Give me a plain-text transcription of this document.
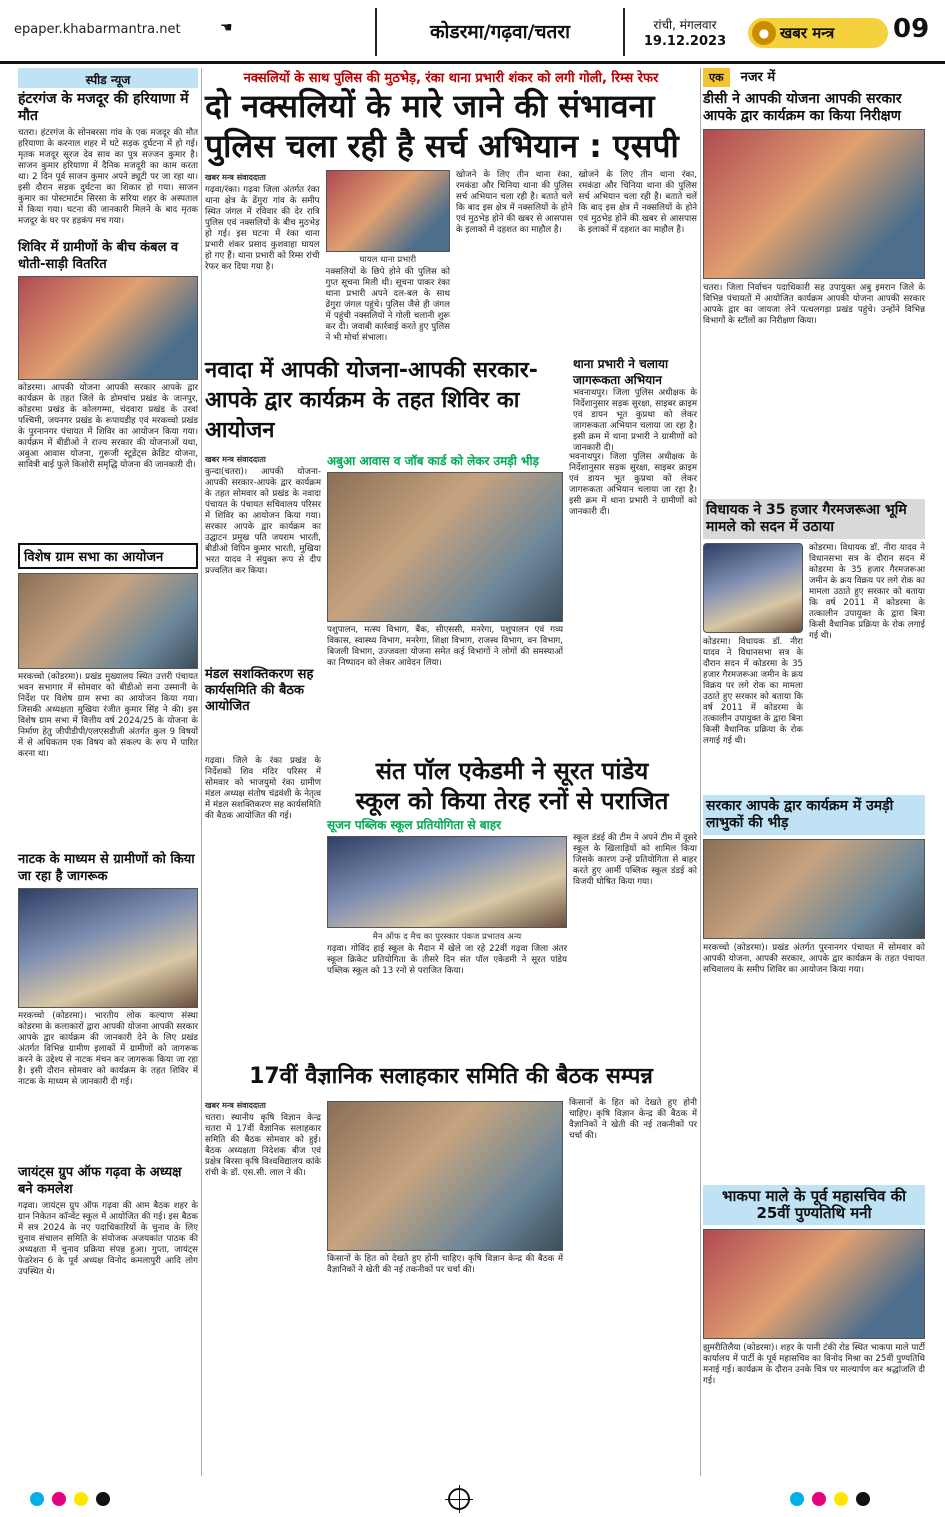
epaper.khabarmantra.net	☚	कोडरमा/गढ़वा/चतरा	रांची, मंगलवार
19.12.2023
● खबर मन्त्र	09
स्पीड न्यूज
हंटरगंज के मजदूर की हरियाणा में मौत
चतरा। हंटरगंज के सोनबरसा गांव के एक मजदूर की मौत हरियाणा के करनाल शहर में घटे सड़क दुर्घटना में हो गई। मृतक मजदूर सूरज देव साव का पुत्र सज्जन कुमार है। साजन कुमार हरियाणा में दैनिक मजदूरी का काम करता था। 2 दिन पूर्व साजन कुमार अपने ड्यूटी पर जा रहा था। इसी दौरान सड़क दुर्घटना का शिकार हो गया। साजन कुमार का पोस्टमार्टम सिरसा के सरिया शहर के अस्पताल में किया गया। घटना की जानकारी मिलने के बाद मृतक मजदूर के घर पर हड़कंप मच गया।
शिविर में ग्रामीणों के बीच कंबल व धोती-साड़ी वितरित
कोडरमा। आपकी योजना आपकी सरकार आपके द्वार कार्यक्रम के तहत जिले के डोमचांच प्रखंड के जानपुर, कोडरमा प्रखंड के कोलगम्मा, चंदवारा प्रखंड के उरवां पश्चिमी, जयनगर प्रखंड के रूपायडीह एवं मरकच्चो प्रखंड के पुरनानगर पंचायत में शिविर का आयोजन किया गया। कार्यक्रम में बीडीओ ने राज्य सरकार की योजनाओं यथा, अबुआ आवास योजना, गुरूजी स्टूडेंट्स क्रेडिट योजना, सावित्री बाई फुले किशोरी समृद्धि योजना की जानकारी दी।
विशेष ग्राम सभा का आयोजन
मरकच्चो (कोडरमा)। प्रखंड मुख्यालय स्थित उत्तरी पंचायत भवन सभागार में सोमवार को बीडीओ सना उस्मानी के निर्देश पर विशेष ग्राम सभा का आयोजन किया गया। जिसकी अध्यक्षता मुखिया रंजीत कुमार सिंह ने की। इस विशेष ग्राम सभा में वित्तीय वर्ष 2024/25 के योजना के निर्माण हेतु जीपीडीपी/एलएसडीजी अंतर्गत कुल 9 विषयों में से अधिकतम एक विषय को संकल्प के रूप में पारित करना था।
नाटक के माध्यम से ग्रामीणों को किया जा रहा है जागरूक
मरकच्चो (कोडरमा)। भारतीय लोक कल्याण संस्था कोडरमा के कलाकारों द्वारा आपकी योजना आपकी सरकार आपके द्वार कार्यक्रम की जानकारी देने के लिए प्रखंड अंतर्गत विभिन्न ग्रामीण इलाकों में ग्रामीणों को जागरूक करने के उद्देश्य से नाटक मंचन कर जागरूक किया जा रहा है। इसी दौरान सोमवार को कार्यक्रम के तहत शिविर में नाटक के माध्यम से जानकारी दी गई।
जायंट्स ग्रुप ऑफ गढ़वा के अध्यक्ष बने कमलेश
गढ़वा। जायंट्स ग्रुप ऑफ गढ़वा की आम बैठक शहर के ग्रान निकेतन कॉन्वेंट स्कूल में आयोजित की गई। इस बैठक में सत्र 2024 के नए पदाधिकारियों के चुनाव के लिए चुनाव संचालन समिति के संयोजक अजयकांत पाठक की अध्यक्षता में चुनाव प्रक्रिया संपन्न हुआ। गुप्ता, जायंट्स फेडरेशन 6 के पूर्व अध्यक्ष विनोद कमलापुरी आदि लोग उपस्थित थे।
नक्सलियों के साथ पुलिस की मुठभेड़, रंका थाना प्रभारी शंकर को लगी गोली, रिम्स रेफर
दो नक्सलियों के मारे जाने की संभावना
पुलिस चला रही है सर्च अभियान : एसपी
खबर मन्त्र संवाददाता
गढ़वा/रंका। गढ़वा जिला अंतर्गत रंका थाना क्षेत्र के ढेंगुरा गांव के समीप स्थित जंगल में रविवार की देर रात्रि पुलिस एवं नक्सलियों के बीच मुठभेड़ हो गई। इस घटना में रंका थाना प्रभारी शंकर प्रसाद कुशवाहा घायल हो गए हैं। थाना प्रभारी को रिम्स रांची रेफर कर दिया गया है।
घायल थाना प्रभारी
नक्सलियों के छिपे होने की पुलिस को गुप्त सूचना मिली थी। सूचना पाकर रंका थाना प्रभारी अपने दल-बल के साथ ढेंगुरा जंगल पहुंचे। पुलिस जैसे ही जंगल में पहुंची नक्सलियों ने गोली चलानी शुरू कर दी। जवाबी कार्रवाई करते हुए पुलिस ने भी मोर्चा संभाला।
खोजने के लिए तीन थाना रंका, रमकंडा और चिनिया थाना की पुलिस सर्च अभियान चला रही है। बताते चलें कि बाद इस क्षेत्र में नक्सलियों के होने एवं मुठभेड़ होने की खबर से आसपास के इलाकों में दहशत का माहौल है।
खोजने के लिए तीन थाना रंका, रमकंडा और चिनिया थाना की पुलिस सर्च अभियान चला रही है। बताते चलें कि बाद इस क्षेत्र में नक्सलियों के होने एवं मुठभेड़ होने की खबर से आसपास के इलाकों में दहशत का माहौल है।
नवादा में आपकी योजना-आपकी सरकार-
आपके द्वार कार्यक्रम के तहत शिविर का आयोजन
थाना प्रभारी ने चलाया जागरूकता अभियान
भवनाथपुर। जिला पुलिस अधीक्षक के निर्देशानुसार सड़क सुरक्षा, साइबर क्राइम एवं डायन भूत कुप्रथा को लेकर जागरूकता अभियान चलाया जा रहा है। इसी क्रम में थाना प्रभारी ने ग्रामीणों को जानकारी दी।
खबर मन्त्र संवाददाता
कुन्दा(चतरा)। आपकी योजना-आपकी सरकार-आपके द्वार कार्यक्रम के तहत सोमवार को प्रखंड के नवादा पंचायत के पंचायत सचिवालय परिसर में शिविर का आयोजन किया गया। सरकार आपके द्वार कार्यक्रम का उद्घाटन प्रमुख पति जयराम भारती, बीडीओ विपिन कुमार भारती, मुखिया भरत यादव ने संयुक्त रूप से दीप प्रज्वलित कर किया।
मंडल सशक्तिकरण सह कार्यसमिति की बैठक आयोजित
अबुआ आवास व जॉब कार्ड को लेकर उमड़ी भीड़
पशुपालन, मत्स्य विभाग, बैंक, सीएससी, मनरेगा, पशुपालन एवं गव्य विकास, स्वास्थ्य विभाग, मनरेगा, शिक्षा विभाग, राजस्व विभाग, वन विभाग, बिजली विभाग, उज्जवला योजना समेत कई विभागों ने लोगों की समस्याओं का निष्पादन को लेकर आवेदन लिया।
भवनाथपुर। जिला पुलिस अधीक्षक के निर्देशानुसार सड़क सुरक्षा, साइबर क्राइम एवं डायन भूत कुप्रथा को लेकर जागरूकता अभियान चलाया जा रहा है। इसी क्रम में थाना प्रभारी ने ग्रामीणों को जानकारी दी।
गढ़वा। जिले के रंका प्रखंड के निर्देशकों शिव मंदिर परिसर में सोमवार को भाजयुमो रंका ग्रामीण मंडल अध्यक्ष संतोष चंद्रवंशी के नेतृत्व में मंडल सशक्तिकरण सह कार्यसमिति की बैठक आयोजित की गई।
संत पॉल एकेडमी ने सूरत पांडेय
स्कूल को किया तेरह रनों से पराजित
सूजन पब्लिक स्कूल प्रतियोगिता से बाहर
मैन ऑफ द मैच का पुरस्कार पंकज प्रभातव अन्य
गढ़वा। गोविंद हाई स्कूल के मैदान में खेले जा रहे 22वीं गढ़वा जिला अंतर स्कूल क्रिकेट प्रतियोगिता के तीसरे दिन संत पॉल एकेडमी ने सूरत पांडेय पब्लिक स्कूल को 13 रनों से पराजित किया।
स्कूल डंडई की टीम ने अपने टीम में दूसरे स्कूल के खिलाड़ियों को शामिल किया जिसके कारण उन्हें प्रतियोगिता से बाहर करते हुए आर्मी पब्लिक स्कूल डंडई को विजयी घोषित किया गया।
17वीं वैज्ञानिक सलाहकार समिति की बैठक सम्पन्न
खबर मन्त्र संवाददाता
चतरा। स्थानीय कृषि विज्ञान केन्द्र चतरा में 17वीं वैज्ञानिक सलाहकार समिति की बैठक सोमवार को हुई। बैठक अध्यक्षता निदेशक बीज एवं प्रक्षेत्र बिरसा कृषि विश्वविद्यालय कांके रांची के डॉ. एस.सी. लाल ने की।
किसानों के हित को देखते हुए होनी चाहिए। कृषि विज्ञान केन्द्र की बैठक में वैज्ञानिकों ने खेती की नई तकनीकों पर चर्चा की।
किसानों के हित को देखते हुए होनी चाहिए। कृषि विज्ञान केन्द्र की बैठक में वैज्ञानिकों ने खेती की नई तकनीकों पर चर्चा की।
एक नजर में
डीसी ने आपकी योजना आपकी सरकार आपके द्वार कार्यक्रम का किया निरीक्षण
चतरा। जिला निर्वाचन पदाधिकारी सह उपायुक्त अबु इमरान जिले के विभिन्न पंचायतों में आयोजित कार्यक्रम आपकी योजना आपकी सरकार आपके द्वार का जायजा लेने पत्थलगड़ा प्रखंड पहुंचे। उन्होंने विभिन्न विभागों के स्टॉलों का निरीक्षण किया।
विधायक ने 35 हजार गैरमजरूआ भूमि मामले को सदन में उठाया
कोडरमा। विधायक डॉ. नीरा यादव ने विधानसभा सत्र के दौरान सदन में कोडरमा के 35 हजार गैरमजरूआ जमीन के क्रय विक्रय पर लगे रोक का मामला उठाते हुए सरकार को बताया कि वर्ष 2011 में कोडरमा के तत्कालीन उपायुक्त के द्वारा बिना किसी वैधानिक प्रक्रिया के रोक लगाई गई थी।
कोडरमा। विधायक डॉ. नीरा यादव ने विधानसभा सत्र के दौरान सदन में कोडरमा के 35 हजार गैरमजरूआ जमीन के क्रय विक्रय पर लगे रोक का मामला उठाते हुए सरकार को बताया कि वर्ष 2011 में कोडरमा के तत्कालीन उपायुक्त के द्वारा बिना किसी वैधानिक प्रक्रिया के रोक लगाई गई थी।
सरकार आपके द्वार कार्यक्रम में उमड़ी लाभुकों की भीड़
मरकच्चो (कोडरमा)। प्रखंड अंतर्गत पुरनानगर पंचायत में सोमवार को आपकी योजना, आपकी सरकार, आपके द्वार कार्यक्रम के तहत पंचायत सचिवालय के समीप शिविर का आयोजन किया गया।
भाकपा माले के पूर्व महासचिव की 25वीं पुण्यतिथि मनी
झुमरीतिलैया (कोडरमा)। शहर के पानी टंकी रोड स्थित भाकपा माले पार्टी कार्यालय में पार्टी के पूर्व महासचिव का विनोद मिश्रा का 25वीं पुण्यतिथि मनाई गई। कार्यक्रम के दौरान उनके चित्र पर माल्यार्पण कर श्रद्धांजलि दी गई।
